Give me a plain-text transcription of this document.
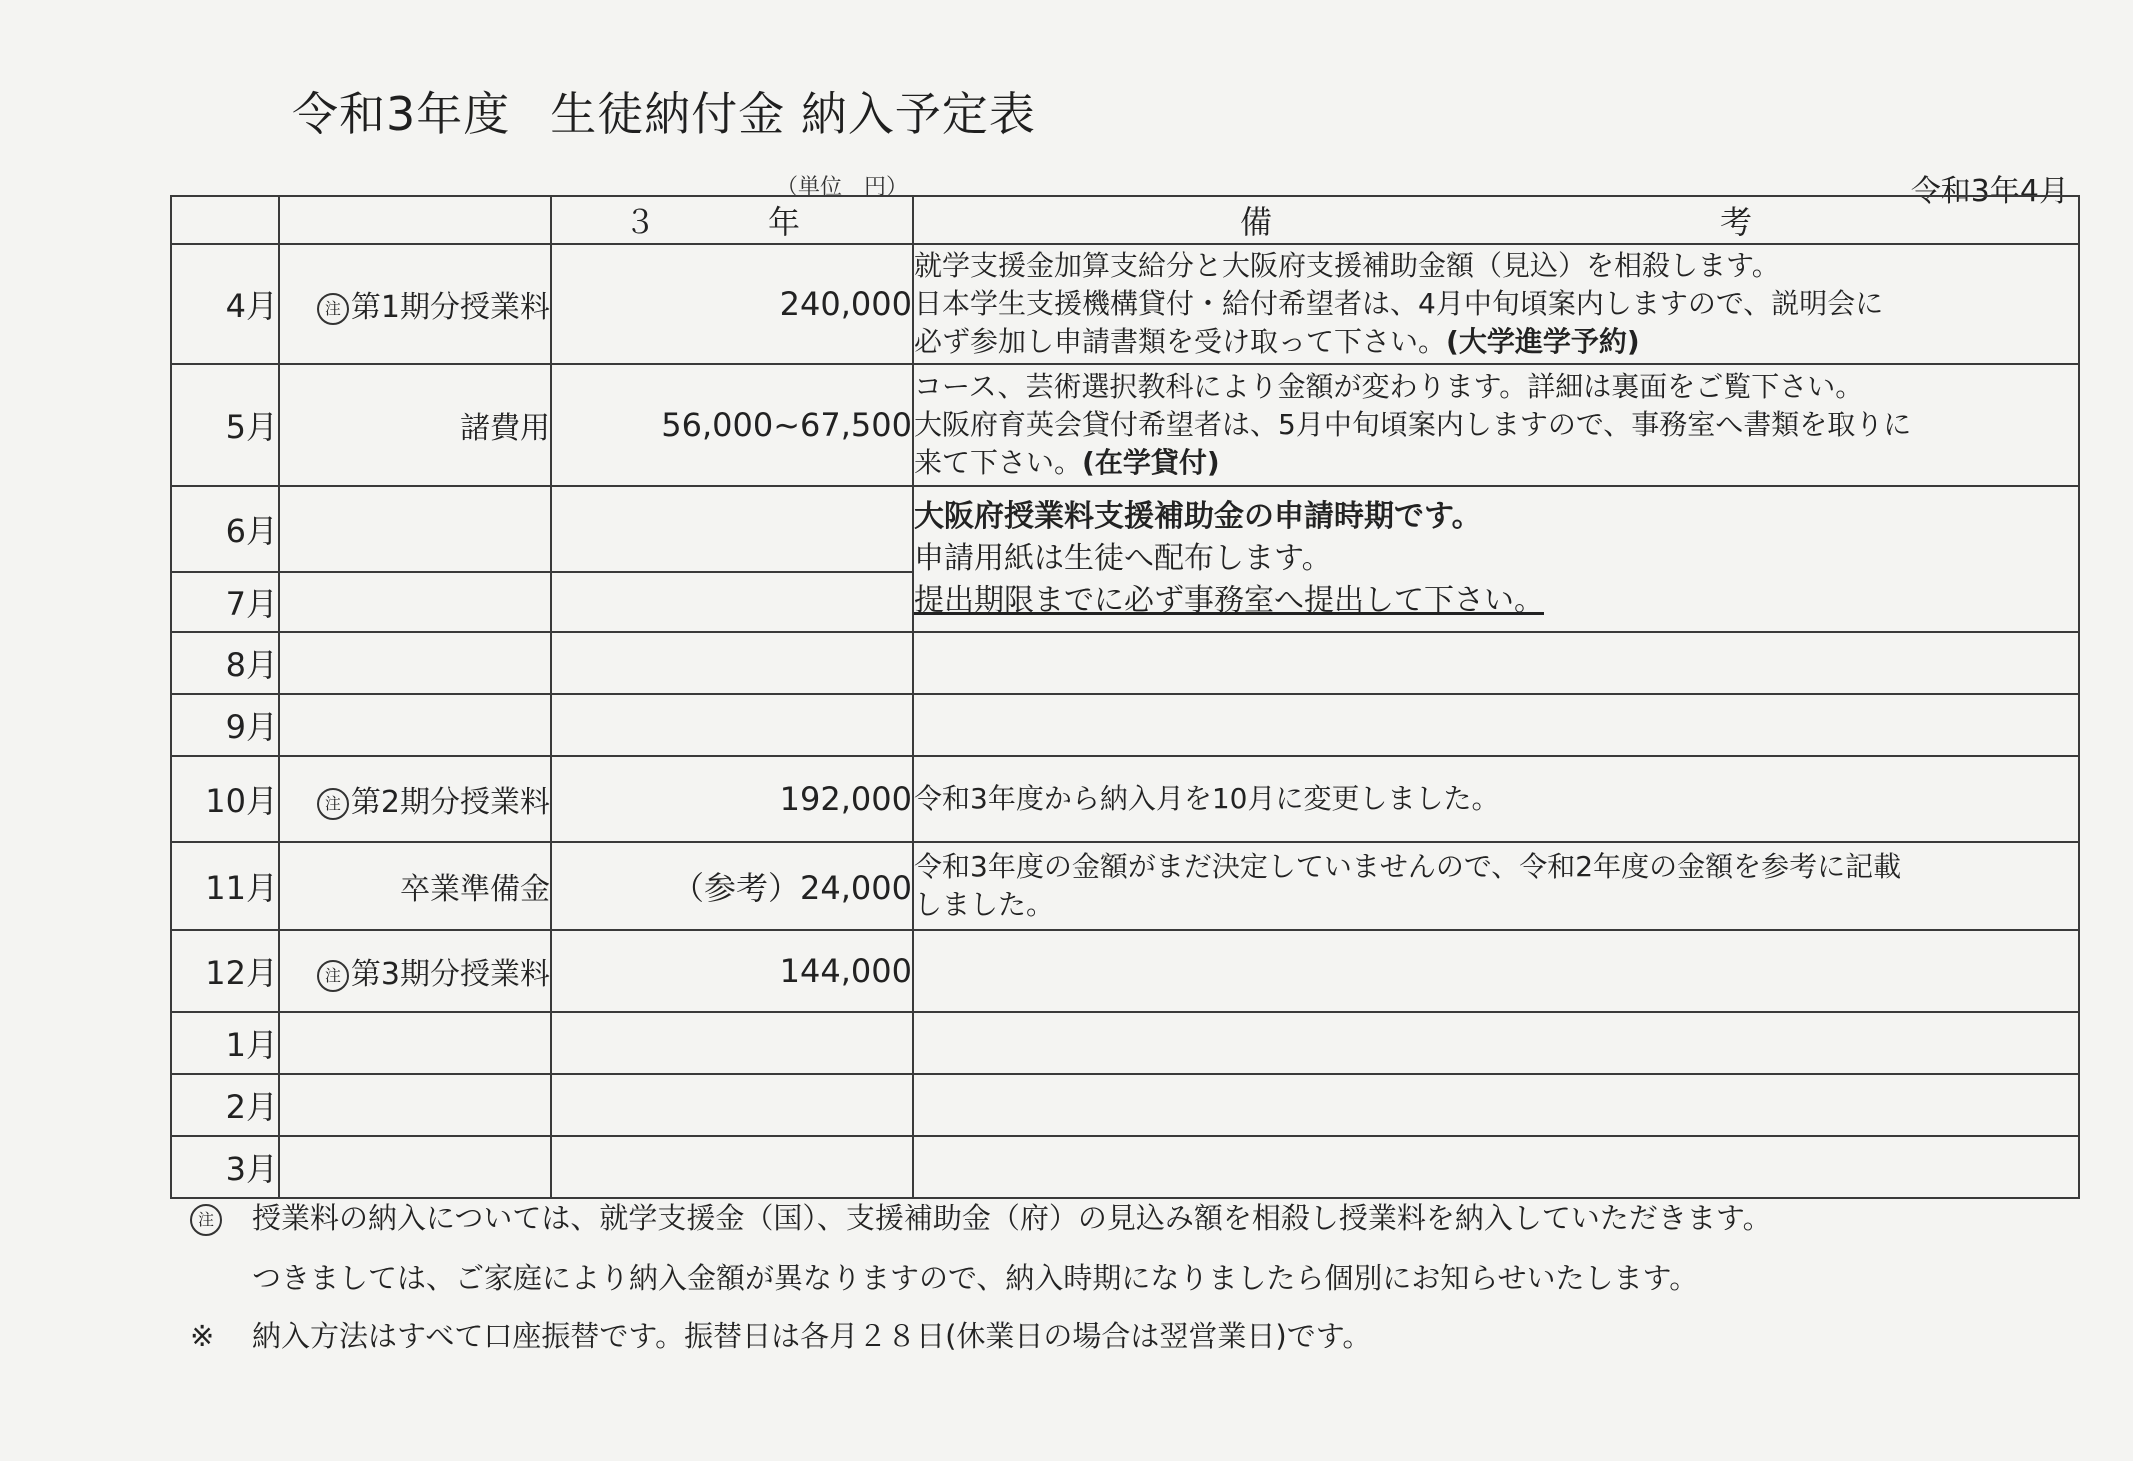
令和3年度 生徒納付金 納入予定表
（単位　円）	令和3年4月
		３　年	備 考
4月	注 第1期分授業料	240,000	就学支援金加算支給分と大阪府支援補助金額（見込）を相殺します。
日本学生支援機構貸付・給付希望者は、4月中旬頃案内しますので、説明会に
必ず参加し申請書類を受け取って下さい。(大学進学予約)

5月	諸費用	56,000~67,500	コース、芸術選択教科により金額が変わります。詳細は裏面をご覧下さい。
大阪府育英会貸付希望者は、5月中旬頃案内しますので、事務室へ書類を取りに
来て下さい。(在学貸付)

6月			大阪府授業料支援補助金の申請時期です。
申請用紙は生徒へ配布します。
提出期限までに必ず事務室へ提出して下さい。

7月			
8月			
9月			
10月	注 第2期分授業料	192,000	令和3年度から納入月を10月に変更しました。

11月	卒業準備金	（参考）24,000	令和3年度の金額がまだ決定していませんので、令和2年度の金額を参考に記載
しました。

12月	注 第3期分授業料	144,000	
1月			
2月			
3月			
注 授業料の納入については、就学支援金（国）、支援補助金（府）の見込み額を相殺し授業料を納入していただきます。
つきましては、ご家庭により納入金額が異なりますので、納入時期になりましたら個別にお知らせいたします。
※ 納入方法はすべて口座振替です。振替日は各月２８日(休業日の場合は翌営業日)です。
